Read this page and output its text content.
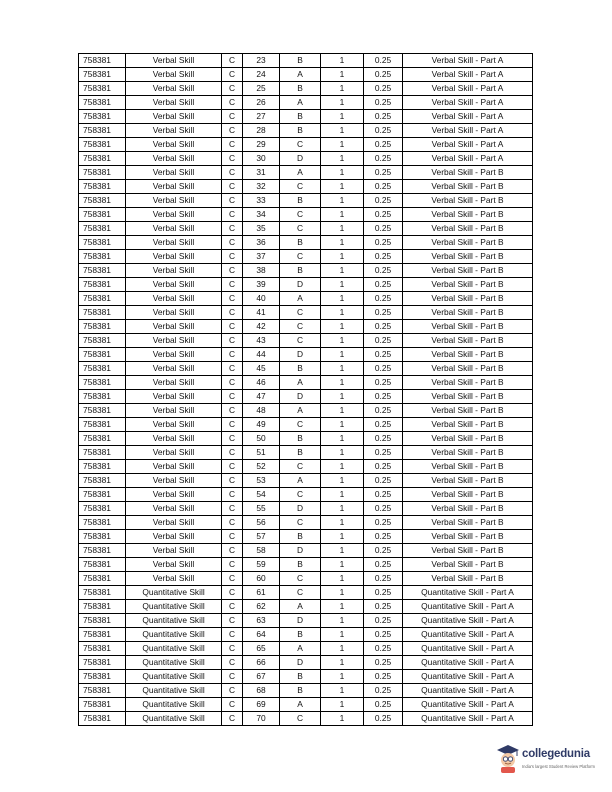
758381	Verbal Skill	C	23	B	1	0.25	Verbal Skill - Part A
758381	Verbal Skill	C	24	A	1	0.25	Verbal Skill - Part A
758381	Verbal Skill	C	25	B	1	0.25	Verbal Skill - Part A
758381	Verbal Skill	C	26	A	1	0.25	Verbal Skill - Part A
758381	Verbal Skill	C	27	B	1	0.25	Verbal Skill - Part A
758381	Verbal Skill	C	28	B	1	0.25	Verbal Skill - Part A
758381	Verbal Skill	C	29	C	1	0.25	Verbal Skill - Part A
758381	Verbal Skill	C	30	D	1	0.25	Verbal Skill - Part A
758381	Verbal Skill	C	31	A	1	0.25	Verbal Skill - Part B
758381	Verbal Skill	C	32	C	1	0.25	Verbal Skill - Part B
758381	Verbal Skill	C	33	B	1	0.25	Verbal Skill - Part B
758381	Verbal Skill	C	34	C	1	0.25	Verbal Skill - Part B
758381	Verbal Skill	C	35	C	1	0.25	Verbal Skill - Part B
758381	Verbal Skill	C	36	B	1	0.25	Verbal Skill - Part B
758381	Verbal Skill	C	37	C	1	0.25	Verbal Skill - Part B
758381	Verbal Skill	C	38	B	1	0.25	Verbal Skill - Part B
758381	Verbal Skill	C	39	D	1	0.25	Verbal Skill - Part B
758381	Verbal Skill	C	40	A	1	0.25	Verbal Skill - Part B
758381	Verbal Skill	C	41	C	1	0.25	Verbal Skill - Part B
758381	Verbal Skill	C	42	C	1	0.25	Verbal Skill - Part B
758381	Verbal Skill	C	43	C	1	0.25	Verbal Skill - Part B
758381	Verbal Skill	C	44	D	1	0.25	Verbal Skill - Part B
758381	Verbal Skill	C	45	B	1	0.25	Verbal Skill - Part B
758381	Verbal Skill	C	46	A	1	0.25	Verbal Skill - Part B
758381	Verbal Skill	C	47	D	1	0.25	Verbal Skill - Part B
758381	Verbal Skill	C	48	A	1	0.25	Verbal Skill - Part B
758381	Verbal Skill	C	49	C	1	0.25	Verbal Skill - Part B
758381	Verbal Skill	C	50	B	1	0.25	Verbal Skill - Part B
758381	Verbal Skill	C	51	B	1	0.25	Verbal Skill - Part B
758381	Verbal Skill	C	52	C	1	0.25	Verbal Skill - Part B
758381	Verbal Skill	C	53	A	1	0.25	Verbal Skill - Part B
758381	Verbal Skill	C	54	C	1	0.25	Verbal Skill - Part B
758381	Verbal Skill	C	55	D	1	0.25	Verbal Skill - Part B
758381	Verbal Skill	C	56	C	1	0.25	Verbal Skill - Part B
758381	Verbal Skill	C	57	B	1	0.25	Verbal Skill - Part B
758381	Verbal Skill	C	58	D	1	0.25	Verbal Skill - Part B
758381	Verbal Skill	C	59	B	1	0.25	Verbal Skill - Part B
758381	Verbal Skill	C	60	C	1	0.25	Verbal Skill - Part B
758381	Quantitative Skill	C	61	C	1	0.25	Quantitative Skill - Part A
758381	Quantitative Skill	C	62	A	1	0.25	Quantitative Skill - Part A
758381	Quantitative Skill	C	63	D	1	0.25	Quantitative Skill - Part A
758381	Quantitative Skill	C	64	B	1	0.25	Quantitative Skill - Part A
758381	Quantitative Skill	C	65	A	1	0.25	Quantitative Skill - Part A
758381	Quantitative Skill	C	66	D	1	0.25	Quantitative Skill - Part A
758381	Quantitative Skill	C	67	B	1	0.25	Quantitative Skill - Part A
758381	Quantitative Skill	C	68	B	1	0.25	Quantitative Skill - Part A
758381	Quantitative Skill	C	69	A	1	0.25	Quantitative Skill - Part A
758381	Quantitative Skill	C	70	C	1	0.25	Quantitative Skill - Part A
collegedunia
India's largest Student Review Platform
